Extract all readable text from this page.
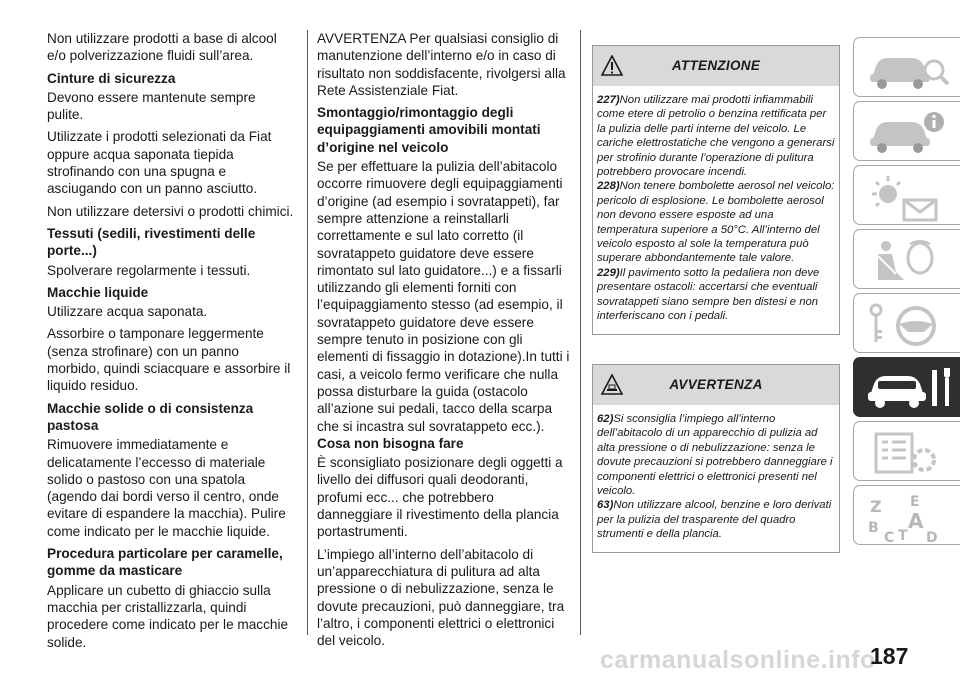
Non utilizzare prodotti a base di alcool e/o polverizzazione fluidi sull’area.

Cinture di sicurezza

Devono essere mantenute sempre pulite.

Utilizzate i prodotti selezionati da Fiat oppure acqua saponata tiepida strofinando con una spugna e asciugando con un panno asciutto.

Non utilizzare detersivi o prodotti chimici.

Tessuti (sedili, rivestimenti delle porte...)

Spolverare regolarmente i tessuti.

Macchie liquide

Utilizzare acqua saponata.

Assorbire o tamponare leggermente (senza strofinare) con un panno morbido, quindi sciacquare e assorbire il liquido residuo.

Macchie solide o di consistenza pastosa

Rimuovere immediatamente e delicatamente l’eccesso di materiale solido o pastoso con una spatola (agendo dai bordi verso il centro, onde evitare di espandere la macchia). Pulire come indicato per le macchie liquide.

Procedura particolare per caramelle, gomme da masticare

Applicare un cubetto di ghiaccio sulla macchia per cristallizzarla, quindi procedere come indicato per le macchie solide.

AVVERTENZA Per qualsiasi consiglio di manutenzione dell’interno e/o in caso di risultato non soddisfacente, rivolgersi alla Rete Assistenziale Fiat.

Smontaggio/rimontaggio degli equipaggiamenti amovibili montati d’origine nel veicolo

Se per effettuare la pulizia dell’abitacolo occorre rimuovere degli equipaggiamenti d’origine (ad esempio i sovratappeti), far sempre attenzione a reinstallarli correttamente e sul lato corretto (il sovratappeto guidatore deve essere rimontato sul lato guidatore...) e a fissarli utilizzando gli elementi forniti con l’equipaggiamento stesso (ad esempio, il sovratappeto guidatore deve essere sempre tenuto in posizione con gli elementi di fissaggio in dotazione).In tutti i casi, a veicolo fermo verificare che nulla possa disturbare la guida (ostacolo all’azione sui pedali, tacco della scarpa che si incastra sul sovratappeto ecc.).

Cosa non bisogna fare

È sconsigliato posizionare degli oggetti a livello dei diffusori quali deodoranti, profumi ecc... che potrebbero danneggiare il rivestimento della plancia portastrumenti.

L’impiego all’interno dell’abitacolo di un’apparecchiatura di pulitura ad alta pressione o di nebulizzazione, senza le dovute precauzioni, può danneggiare, tra l’altro, i componenti elettrici o elettronici del veicolo.

ATTENZIONE

227)Non utilizzare mai prodotti infiammabili come etere di petrolio o benzina rettificata per la pulizia delle parti interne del veicolo. Le cariche elettrostatiche che vengono a generarsi per strofinio durante l’operazione di pulitura potrebbero provocare incendi.

228)Non tenere bombolette aerosol nel veicolo: pericolo di esplosione. Le bombolette aerosol non devono essere esposte ad una temperatura superiore a 50°C. All’interno del veicolo esposto al sole la temperatura può superare abbondantemente tale valore.

229)Il pavimento sotto la pedaliera non deve presentare ostacoli: accertarsi che eventuali sovratappeti siano sempre ben distesi e non interferiscano con i pedali.

AVVERTENZA

62)Si sconsiglia l’impiego all’interno dell’abitacolo di un apparecchio di pulizia ad alta pressione o di nebulizzazione: senza le dovute precauzioni si potrebbero danneggiare i componenti elettrici o elettronici presenti nel veicolo.

63)Non utilizzare alcool, benzine e loro derivati per la pulizia del trasparente del quadro strumenti e della plancia.

Z E
B A
C T D
carmanualsonline.info
187
